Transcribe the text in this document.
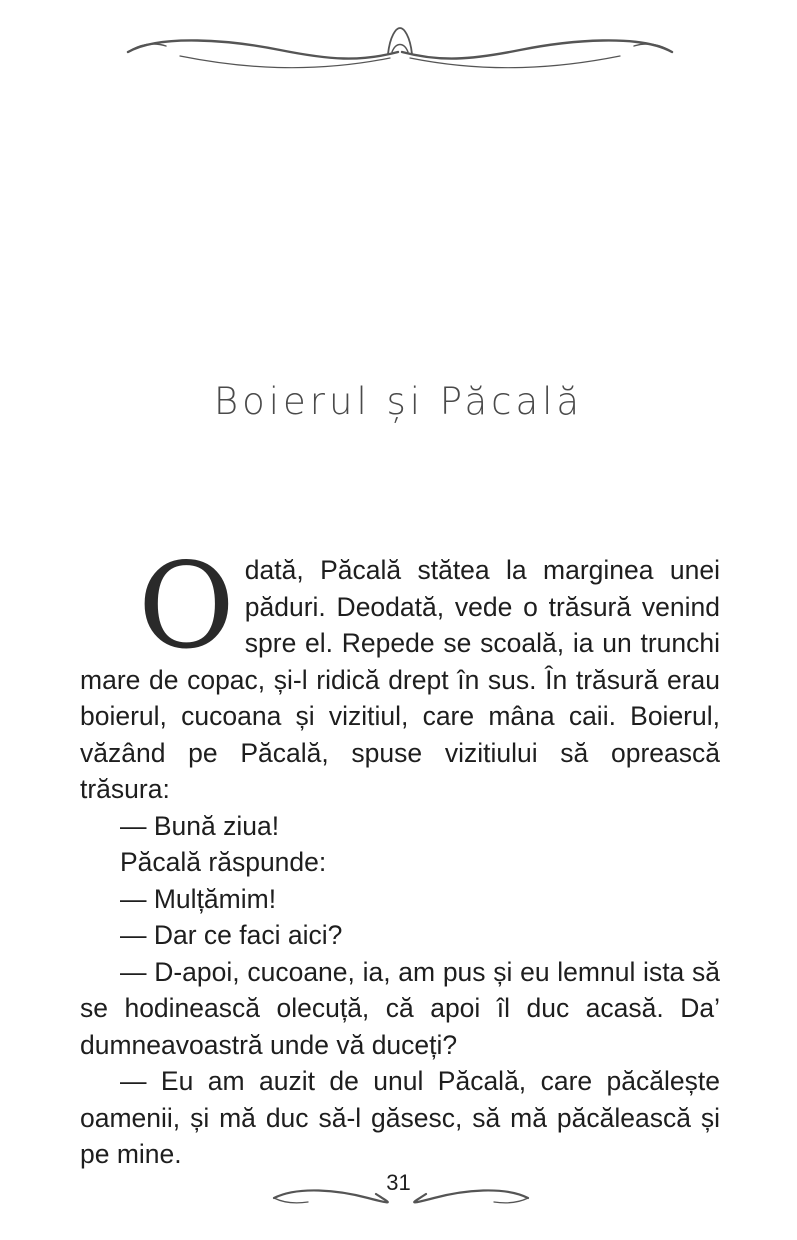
Boierul și Păcală

Odată, Păcală stătea la marginea unei păduri. Deodată, vede o trăsură venind spre el. Repede se scoală, ia un trunchi mare de copac, și-l ridică drept în sus. În trăsură erau boierul, cucoana și vizitiul, care mâna caii. Boierul, văzând pe Păcală, spuse vizitiului să oprească trăsura:

— Bună ziua!

Păcală răspunde:

— Mulțămim!

— Dar ce faci aici?

— D-apoi, cucoane, ia, am pus și eu lemnul ista să se hodinească olecuță, că apoi îl duc acasă. Da’ dumneavoastră unde vă duceți?

— Eu am auzit de unul Păcală, care păcălește oamenii, și mă duc să-l găsesc, să mă păcălească și pe mine.

31
